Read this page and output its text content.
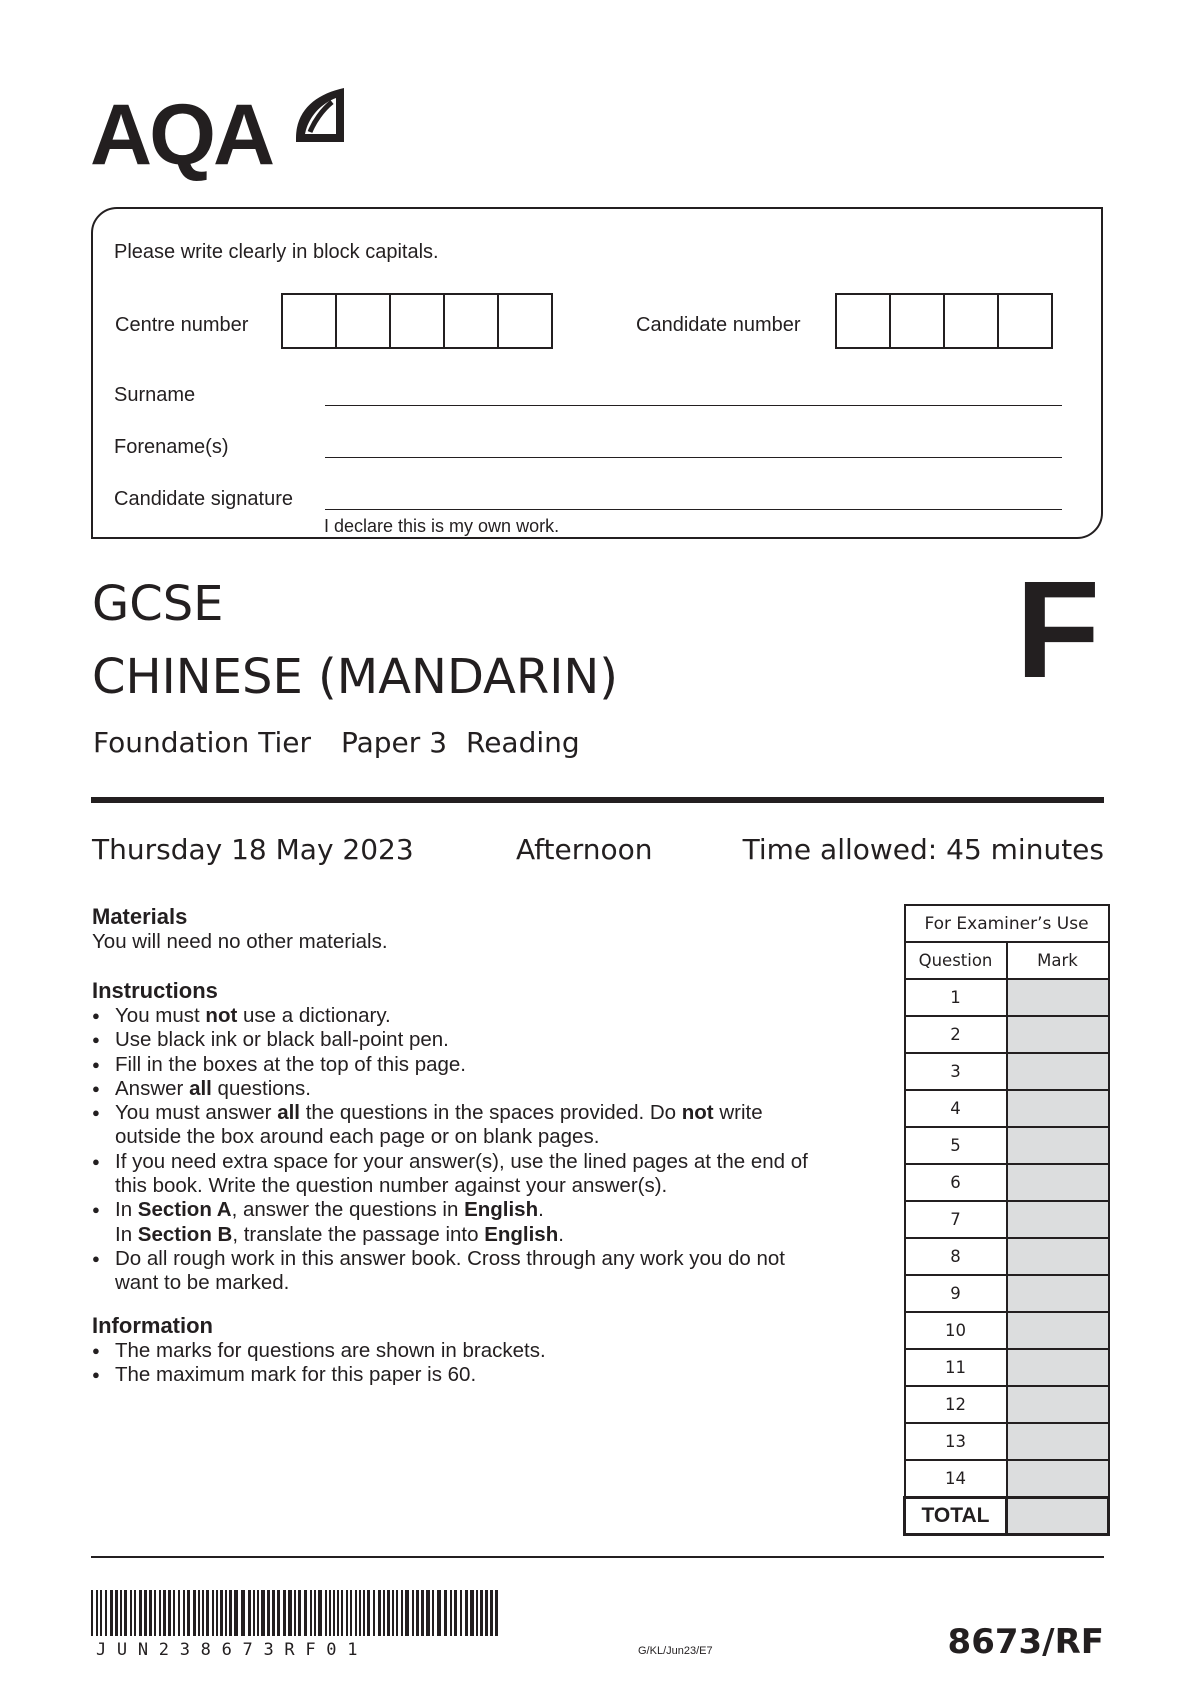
AQA
Please write clearly in block capitals.
Centre number	Candidate number
Surname
Forename(s)
Candidate signature
I declare this is my own work.
GCSE
CHINESE (MANDARIN)
Foundation Tier Paper 3 Reading
F
Thursday 18 May 2023	Afternoon	Time allowed: 45 minutes
Materials
You will need no other materials.
Instructions
● You must not use a dictionary.
● Use black ink or black ball-point pen.
● Fill in the boxes at the top of this page.
● Answer all questions.
● You must answer all the questions in the spaces provided. Do not write
outside the box around each page or on blank pages.
● If you need extra space for your answer(s), use the lined pages at the end of
this book. Write the question number against your answer(s).
● In Section A, answer the questions in English.
In Section B, translate the passage into English.
● Do all rough work in this answer book. Cross through any work you do not
want to be marked.
Information
● The marks for questions are shown in brackets.
● The maximum mark for this paper is 60.
For Examiner’s Use	
Question	Mark
1	
2	
3	
4	
5	
6	
7	
8	
9	
10	
11	
12	
13	
14	
TOTAL	
JUN238673RF01	G/KL/Jun23/E7	8673/RF
